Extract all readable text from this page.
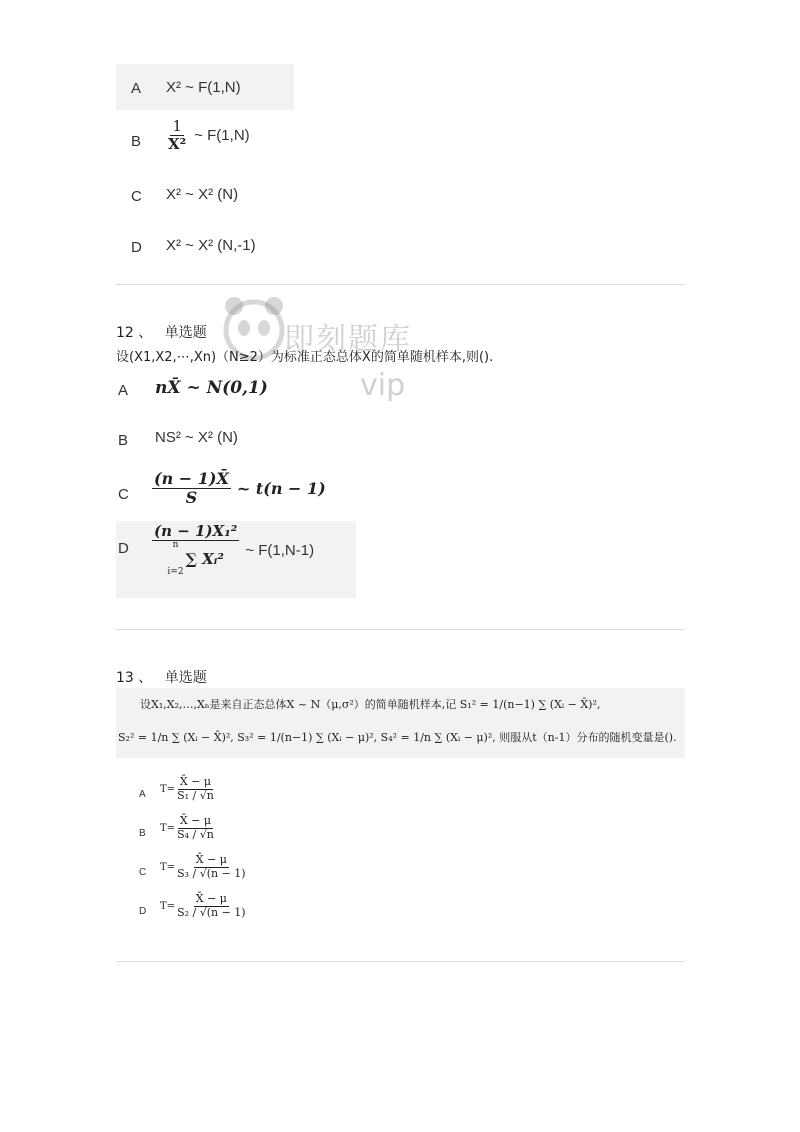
A X² ~ F(1,N)
B $\frac{1}{\text{X²}}$ ~ F(1,N)
C X² ~ X² (N)
D X² ~ X² (N,-1)
即刻题库
vip
12 、 单选题
设(X1,X2,⋯,Xn)（N≥2）为标准正态总体X的简单随机样本,则().
A nX̄ ~ N(0,1)
B NS² ~ X² (N)
C $\frac{(n - 1)X̄}{S}$ ~ t(n − 1)
D (n − 1)X₁²
n
i=2
∑ Xᵢ² ~ F(1,N-1)
13 、 单选题
设X₁,X₂,…,Xₙ是来自正态总体X ~ N（μ,σ²）的简单随机样本,记 S₁² = 1/(n−1) ∑ (Xᵢ − X̄)²,
S₂² = 1/n ∑ (Xᵢ − X̄)², S₃² = 1/(n−1) ∑ (Xᵢ − μ)², S₄² = 1/n ∑ (Xᵢ − μ)², 则服从t（n-1）分布的随机变量是().
A $T= \frac{X̄ - \mu}{\text{S₁ / √n}}$
B $T= \frac{X̄ - \mu}{\text{S₄ / √n}}$
C $T= \frac{X̄ - \mu}{\text{S₃ / √(n − 1)}}$
D $T= \frac{X̄ - \mu}{\text{S₂ / √(n − 1)}}$
